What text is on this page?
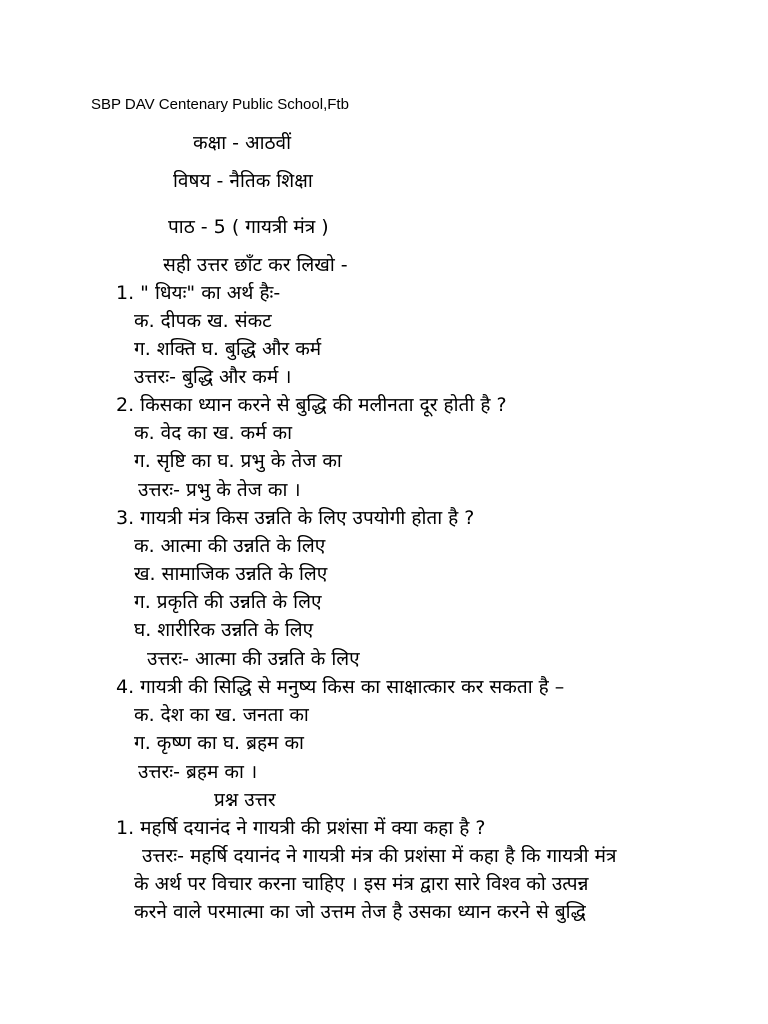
SBP DAV Centenary Public School,Ftb
कक्षा - आठवीं
विषय - नैतिक शिक्षा
पाठ - 5 ( गायत्री मंत्र )
सही उत्तर छाँट कर लिखो -
1. " धियः" का अर्थ हैः-
क. दीपक ख. संकट
ग. शक्ति घ. बुद्धि और कर्म
उत्तरः- बुद्धि और कर्म ।
2. किसका ध्यान करने से बुद्धि की मलीनता दूर होती है ?
क. वेद का ख. कर्म का
ग. सृष्टि का घ. प्रभु के तेज का
उत्तरः- प्रभु के तेज का ।
3. गायत्री मंत्र किस उन्नति के लिए उपयोगी होता है ?
क. आत्मा की उन्नति के लिए
ख. सामाजिक उन्नति के लिए
ग. प्रकृति की उन्नति के लिए
घ. शारीरिक उन्नति के लिए
उत्तरः- आत्मा की उन्नति के लिए
4. गायत्री की सिद्धि से मनुष्य किस का साक्षात्कार कर सकता है –
क. देश का ख. जनता का
ग. कृष्ण का घ. ब्रहम का
उत्तरः- ब्रहम का ।
प्रश्न उत्तर
1. महर्षि दयानंद ने गायत्री की प्रशंसा में क्या कहा है ?
उत्तरः- महर्षि दयानंद ने गायत्री मंत्र की प्रशंसा में कहा है कि गायत्री मंत्र
के अर्थ पर विचार करना चाहिए । इस मंत्र द्वारा सारे विश्व को उत्पन्न
करने वाले परमात्मा का जो उत्तम तेज है उसका ध्यान करने से बुद्धि
